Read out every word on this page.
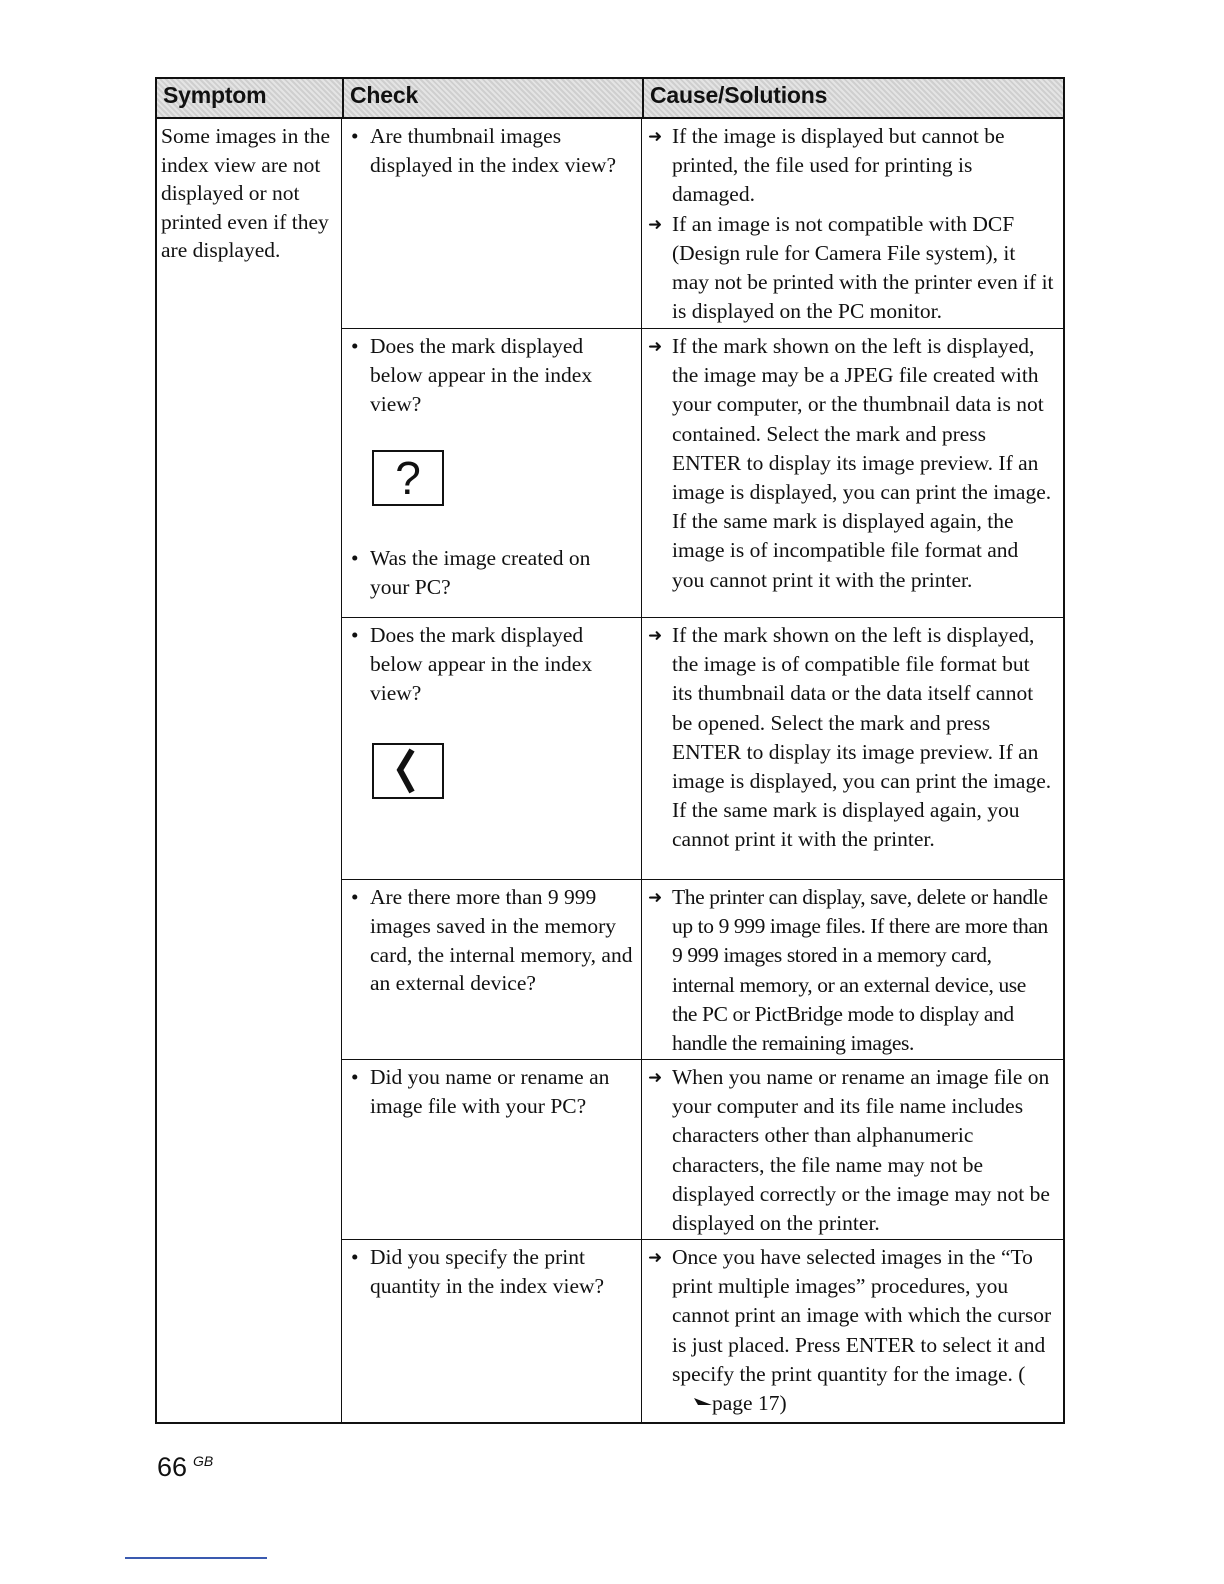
Symptom	Check	Cause/Solutions
Some images in the index view are not displayed or not printed even if they are displayed.
• Are thumbnail images displayed in the index view?
➜ If the image is displayed but cannot be printed, the file used for printing is damaged.
➜ If an image is not compatible with DCF (Design rule for Camera File system), it may not be printed with the printer even if it is displayed on the PC monitor.
• Does the mark displayed below appear in the index view?
?
• Was the image created on your PC?
➜ If the mark shown on the left is displayed, the image may be a JPEG file created with your computer, or the thumbnail data is not contained. Select the mark and press ENTER to display its image preview. If an image is displayed, you can print the image. If the same mark is displayed again, the image is of incompatible file format and you cannot print it with the printer.
• Does the mark displayed below appear in the index view?
➜ If the mark shown on the left is displayed, the image is of compatible file format but its thumbnail data or the data itself cannot be opened. Select the mark and press ENTER to display its image preview. If an image is displayed, you can print the image. If the same mark is displayed again, you cannot print it with the printer.
• Are there more than 9 999 images saved in the memory card, the internal memory, and an external device?
➜ The printer can display, save, delete or handle up to 9 999 image files. If there are more than 9 999 images stored in a memory card, internal memory, or an external device, use the PC or PictBridge mode to display and handle the remaining images.
• Did you name or rename an image file with your PC?
➜ When you name or rename an image file on your computer and its file name includes characters other than alphanumeric characters, the file name may not be displayed correctly or the image may not be displayed on the printer.
• Did you specify the print quantity in the index view?
➜ Once you have selected images in the “To print multiple images” procedures, you cannot print an image with which the cursor is just placed. Press ENTER to select it and specify the print quantity for the image. (page 17)
66 $^{GB}$
